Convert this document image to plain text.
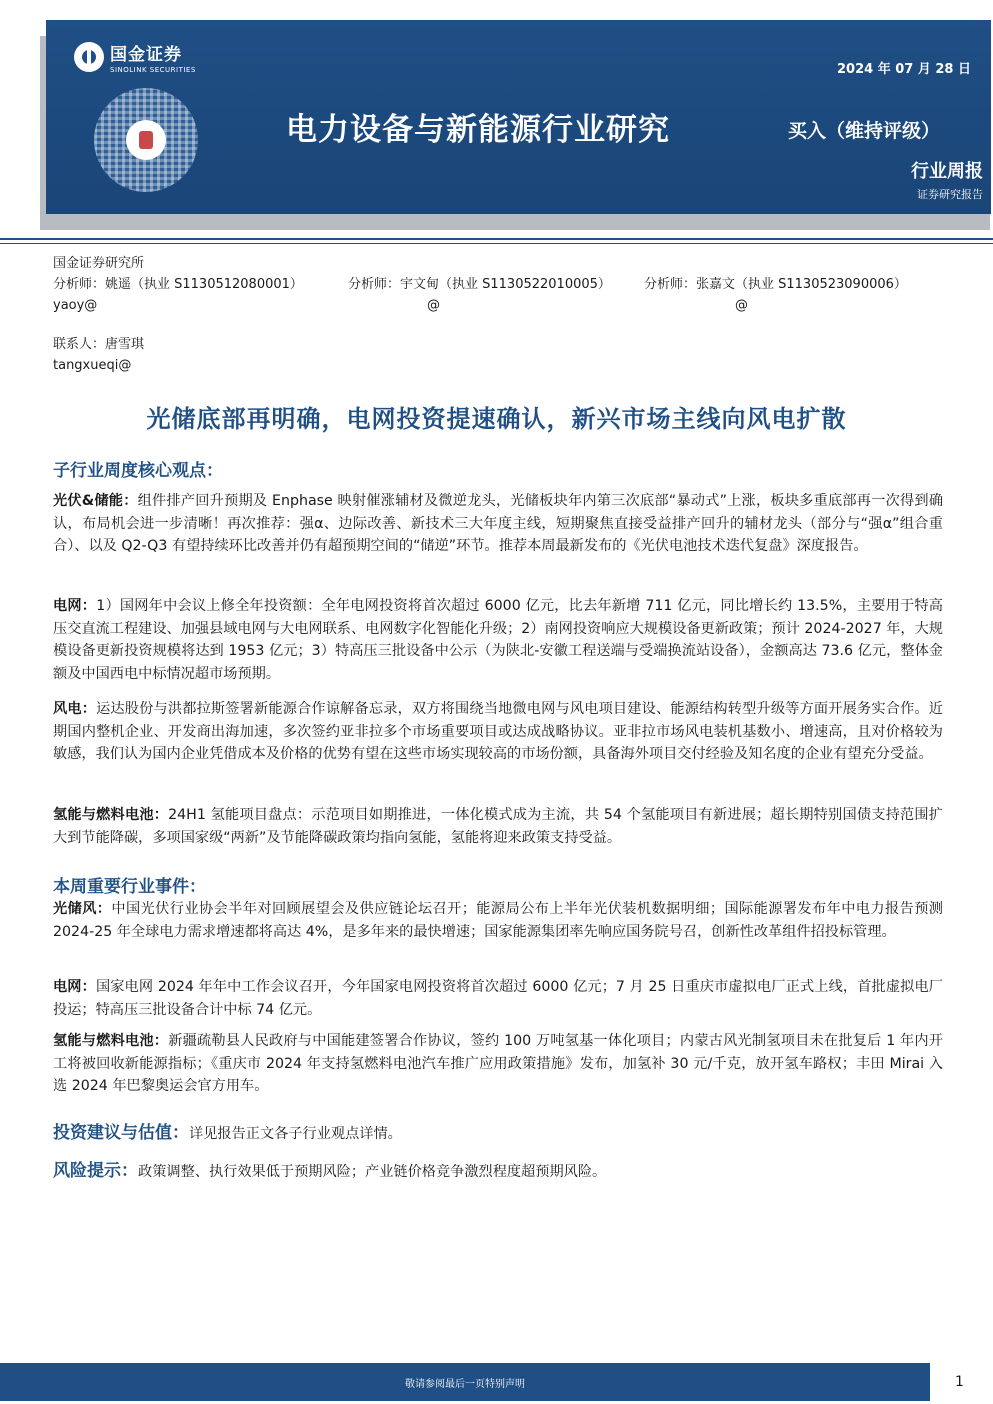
国金证券
SINOLINK SECURITIES	2024 年 07 月 28 日
电力设备与新能源行业研究	买入（维持评级）
行业周报
证券研究报告
国金证券研究所
分析师：姚遥（执业 S1130512080001）	分析师：宇文甸（执业 S1130522010005）	分析师：张嘉文（执业 S1130523090006）
yaoy@	@	@
联系人：唐雪琪
tangxueqi@
光储底部再明确，电网投资提速确认，新兴市场主线向风电扩散
子行业周度核心观点：
光伏&储能：组件排产回升预期及 Enphase 映射催涨辅材及微逆龙头，光储板块年内第三次底部“暴动式”上涨，板块多重底部再一次得到确认，布局机会进一步清晰！再次推荐：强α、边际改善、新技术三大年度主线，短期聚焦直接受益排产回升的辅材龙头（部分与“强α”组合重合）、以及 Q2-Q3 有望持续环比改善并仍有超预期空间的“储逆”环节。推荐本周最新发布的《光伏电池技术迭代复盘》深度报告。
电网：1）国网年中会议上修全年投资额：全年电网投资将首次超过 6000 亿元，比去年新增 711 亿元，同比增长约 13.5%，主要用于特高压交直流工程建设、加强县域电网与大电网联系、电网数字化智能化升级；2）南网投资响应大规模设备更新政策；预计 2024-2027 年，大规模设备更新投资规模将达到 1953 亿元；3）特高压三批设备中公示（为陕北-安徽工程送端与受端换流站设备），金额高达 73.6 亿元，整体金额及中国西电中标情况超市场预期。
风电：运达股份与洪都拉斯签署新能源合作谅解备忘录，双方将围绕当地微电网与风电项目建设、能源结构转型升级等方面开展务实合作。近期国内整机企业、开发商出海加速，多次签约亚非拉多个市场重要项目或达成战略协议。亚非拉市场风电装机基数小、增速高，且对价格较为敏感，我们认为国内企业凭借成本及价格的优势有望在这些市场实现较高的市场份额，具备海外项目交付经验及知名度的企业有望充分受益。
氢能与燃料电池：24H1 氢能项目盘点：示范项目如期推进，一体化模式成为主流，共 54 个氢能项目有新进展；超长期特别国债支持范围扩大到节能降碳，多项国家级“两新”及节能降碳政策均指向氢能，氢能将迎来政策支持受益。
本周重要行业事件：
光储风：中国光伏行业协会半年对回顾展望会及供应链论坛召开；能源局公布上半年光伏装机数据明细；国际能源署发布年中电力报告预测 2024-25 年全球电力需求增速都将高达 4%，是多年来的最快增速；国家能源集团率先响应国务院号召，创新性改革组件招投标管理。
电网：国家电网 2024 年年中工作会议召开，今年国家电网投资将首次超过 6000 亿元；7 月 25 日重庆市虚拟电厂正式上线，首批虚拟电厂投运；特高压三批设备合计中标 74 亿元。
氢能与燃料电池：新疆疏勒县人民政府与中国能建签署合作协议，签约 100 万吨氢基一体化项目；内蒙古风光制氢项目未在批复后 1 年内开工将被回收新能源指标；《重庆市 2024 年支持氢燃料电池汽车推广应用政策措施》发布，加氢补 30 元/千克，放开氢车路权；丰田 Mirai 入选 2024 年巴黎奥运会官方用车。
投资建议与估值：详见报告正文各子行业观点详情。
风险提示：政策调整、执行效果低于预期风险；产业链价格竞争激烈程度超预期风险。
敬请参阅最后一页特别声明	1
